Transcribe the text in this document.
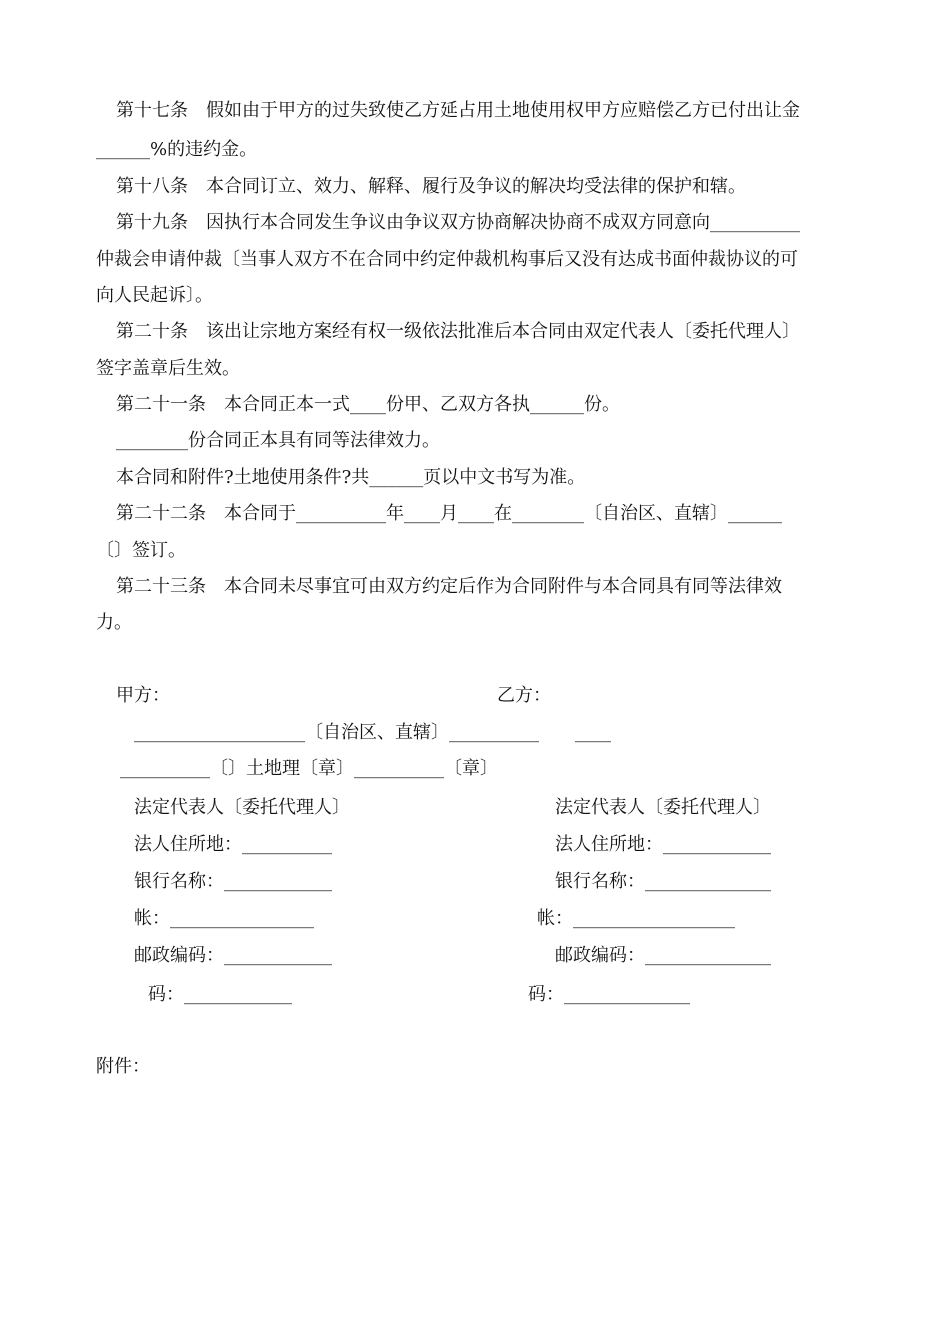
第十七条　假如由于甲方的过失致使乙方延占用土地使用权甲方应赔偿乙方已付出让金
______%的违约金。
第十八条　本合同订立、效力、解释、履行及争议的解决均受法律的保护和辖。
第十九条　因执行本合同发生争议由争议双方协商解决协商不成双方同意向__________
仲裁会申请仲裁〔当事人双方不在合同中约定仲裁机构事后又没有达成书面仲裁协议的可
向人民起诉〕。
第二十条　该出让宗地方案经有权一级依法批准后本合同由双定代表人〔委托代理人〕
签字盖章后生效。
第二十一条　本合同正本一式____份甲、乙双方各执______份。
________份合同正本具有同等法律效力。
本合同和附件?土地使用条件?共______页以中文书写为准。
第二十二条　本合同于__________年____月____在________〔自治区、直辖〕______
〔〕签订。
第二十三条　本合同未尽事宜可由双方约定后作为合同附件与本合同具有同等法律效
力。
甲方：	乙方：
___________________〔自治区、直辖〕__________ ____
__________〔〕土地理〔章〕__________〔章〕
法定代表人〔委托代理人〕	法定代表人〔委托代理人〕
法人住所地：__________	法人住所地：____________
银行名称：____________	银行名称：______________
帐：________________	帐：__________________
邮政编码：____________	邮政编码：______________
码：____________	码：______________
附件：
